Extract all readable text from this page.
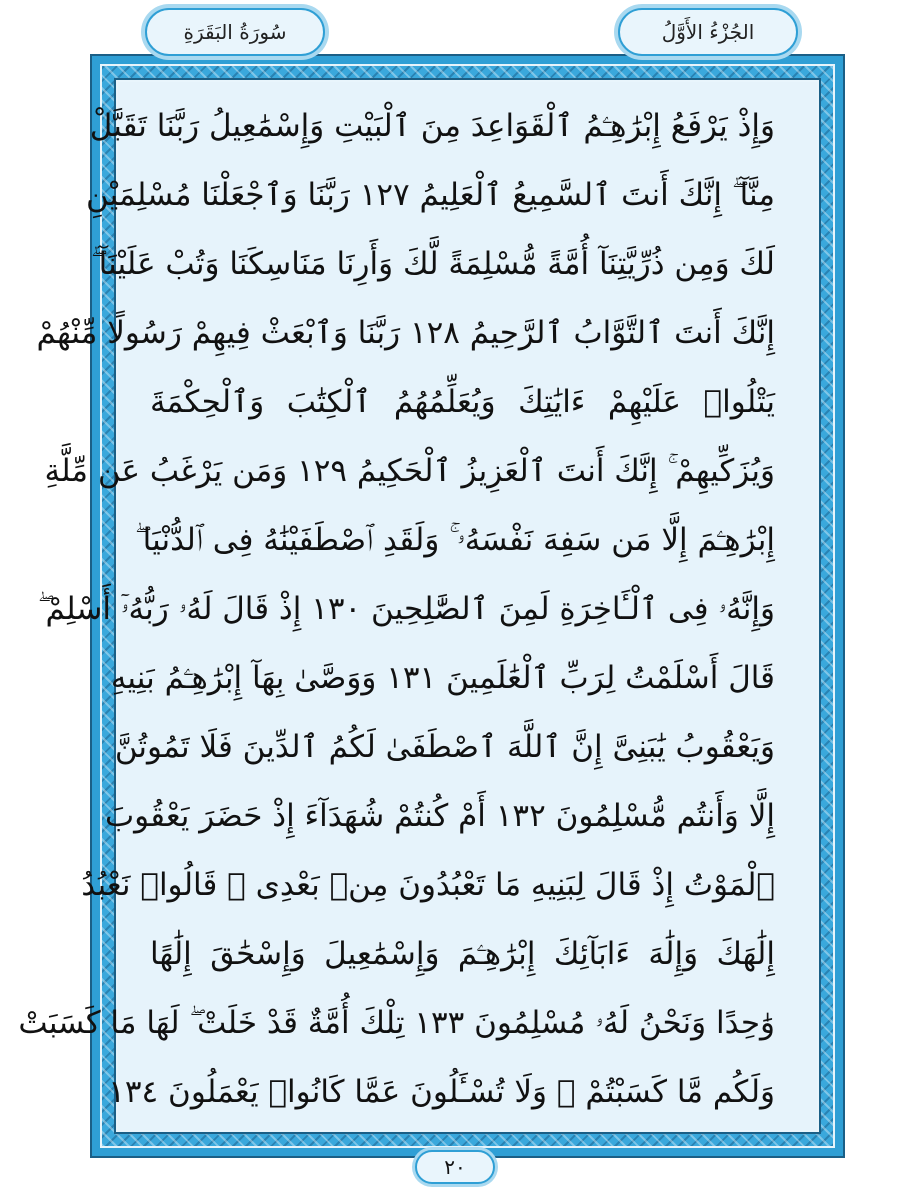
الجُزْءُ الأَوَّلُ
سُورَةُ البَقَرَةِ
وَإِذْ يَرْفَعُ إِبْرَٰهِـۧمُ ٱلْقَوَاعِدَ مِنَ ٱلْبَيْتِ وَإِسْمَٰعِيلُ رَبَّنَا تَقَبَّلْ
مِنَّآ ۖ إِنَّكَ أَنتَ ٱلسَّمِيعُ ٱلْعَلِيمُ ١٢٧ رَبَّنَا وَٱجْعَلْنَا مُسْلِمَيْنِ
لَكَ وَمِن ذُرِّيَّتِنَآ أُمَّةً مُّسْلِمَةً لَّكَ وَأَرِنَا مَنَاسِكَنَا وَتُبْ عَلَيْنَآ ۖ
إِنَّكَ أَنتَ ٱلتَّوَّابُ ٱلرَّحِيمُ ١٢٨ رَبَّنَا وَٱبْعَثْ فِيهِمْ رَسُولًا مِّنْهُمْ
يَتْلُوا۟ عَلَيْهِمْ ءَايَٰتِكَ وَيُعَلِّمُهُمُ ٱلْكِتَٰبَ وَٱلْحِكْمَةَ
وَيُزَكِّيهِمْ ۚ إِنَّكَ أَنتَ ٱلْعَزِيزُ ٱلْحَكِيمُ ١٢٩ وَمَن يَرْغَبُ عَن مِّلَّةِ
إِبْرَٰهِـۧمَ إِلَّا مَن سَفِهَ نَفْسَهُۥ ۚ وَلَقَدِ ٱصْطَفَيْنَٰهُ فِى ٱلدُّنْيَا ۖ
وَإِنَّهُۥ فِى ٱلْـَٔاخِرَةِ لَمِنَ ٱلصَّٰلِحِينَ ١٣٠ إِذْ قَالَ لَهُۥ رَبُّهُۥٓ أَسْلِمْ ۖ
قَالَ أَسْلَمْتُ لِرَبِّ ٱلْعَٰلَمِينَ ١٣١ وَوَصَّىٰ بِهَآ إِبْرَٰهِـۧمُ بَنِيهِ
وَيَعْقُوبُ يَٰبَنِىَّ إِنَّ ٱللَّهَ ٱصْطَفَىٰ لَكُمُ ٱلدِّينَ فَلَا تَمُوتُنَّ
إِلَّا وَأَنتُم مُّسْلِمُونَ ١٣٢ أَمْ كُنتُمْ شُهَدَآءَ إِذْ حَضَرَ يَعْقُوبَ
ٱلْمَوْتُ إِذْ قَالَ لِبَنِيهِ مَا تَعْبُدُونَ مِنۢ بَعْدِى ۖ قَالُوا۟ نَعْبُدُ
إِلَٰهَكَ وَإِلَٰهَ ءَابَآئِكَ إِبْرَٰهِـۧمَ وَإِسْمَٰعِيلَ وَإِسْحَٰقَ إِلَٰهًا
وَٰحِدًا وَنَحْنُ لَهُۥ مُسْلِمُونَ ١٣٣ تِلْكَ أُمَّةٌ قَدْ خَلَتْ ۖ لَهَا مَا كَسَبَتْ
وَلَكُم مَّا كَسَبْتُمْ ۖ وَلَا تُسْـَٔلُونَ عَمَّا كَانُوا۟ يَعْمَلُونَ ١٣٤
٢٠
